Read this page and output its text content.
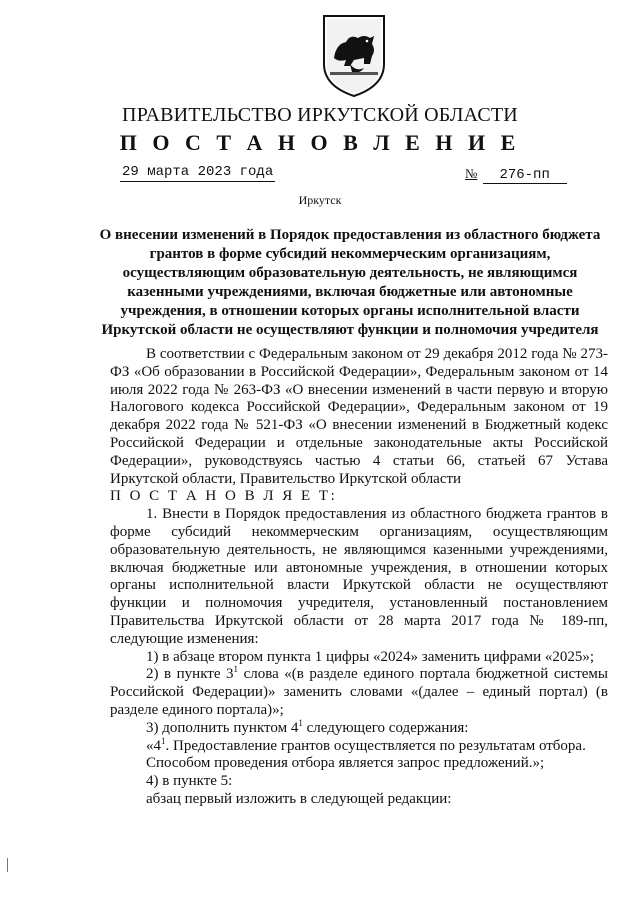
ПРАВИТЕЛЬСТВО ИРКУТСКОЙ ОБЛАСТИ
П О С Т А Н О В Л Е Н И Е
29 марта 2023 года	№ 276-пп
Иркутск
О внесении изменений в Порядок предоставления из областного бюджета грантов в форме субсидий некоммерческим организациям, осуществляющим образовательную деятельность, не являющимся казенными учреждениями, включая бюджетные или автономные учреждения, в отношении которых органы исполнительной власти Иркутской области не осуществляют функции и полномочия учредителя

В соответствии с Федеральным законом от 29 декабря 2012 года № 273-ФЗ «Об образовании в Российской Федерации», Федеральным законом от 14 июля 2022 года № 263-ФЗ «О внесении изменений в части первую и вторую Налогового кодекса Российской Федерации», Федеральным законом от 19 декабря 2022 года № 521-ФЗ «О внесении изменений в Бюджетный кодекс Российской Федерации и отдельные законодательные акты Российской Федерации», руководствуясь частью 4 статьи 66, статьей 67 Устава Иркутской области, Правительство Иркутской области

П О С Т А Н О В Л Я Е Т:

1. Внести в Порядок предоставления из областного бюджета грантов в форме субсидий некоммерческим организациям, осуществляющим образовательную деятельность, не являющимся казенными учреждениями, включая бюджетные или автономные учреждения, в отношении которых органы исполнительной власти Иркутской области не осуществляют функции и полномочия учредителя, установленный постановлением Правительства Иркутской области от 28 марта 2017 года № 189-пп, следующие изменения:

1) в абзаце втором пункта 1 цифры «2024» заменить цифрами «2025»;

2) в пункте $3^1$ слова «(в разделе единого портала бюджетной системы Российской Федерации)» заменить словами «(далее – единый портал) (в разделе единого портала)»;

3) дополнить пунктом $4^1$ следующего содержания:

«$4^1$. Предоставление грантов осуществляется по результатам отбора.

Способом проведения отбора является запрос предложений.»;

4) в пункте 5:

абзац первый изложить в следующей редакции:
